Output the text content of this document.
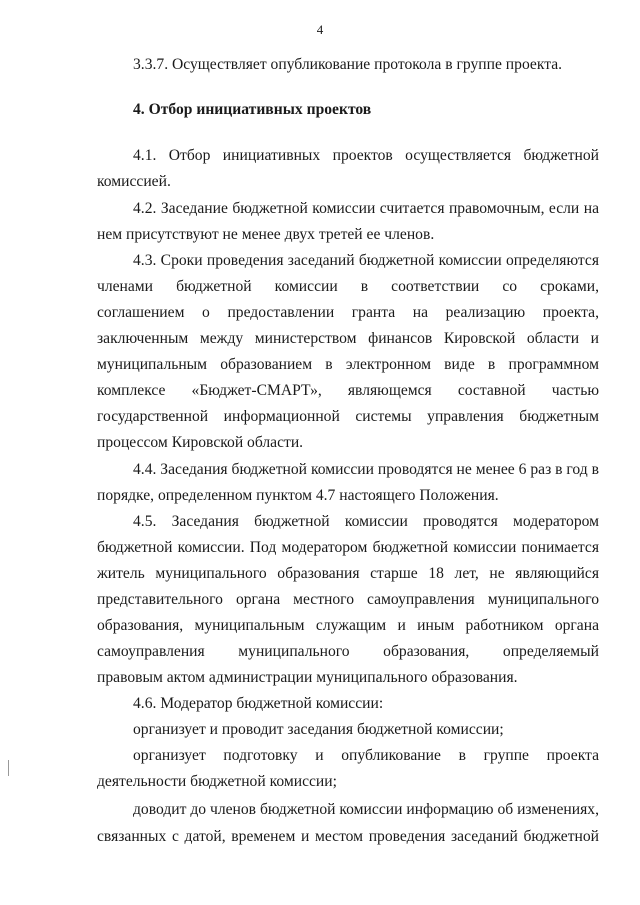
4
3.3.7. Осуществляет опубликование протокола в группе проекта.
4. Отбор инициативных проектов
4.1. Отбор инициативных проектов осуществляется бюджетной
комиссией.
4.2. Заседание бюджетной комиссии считается правомочным, если на
нем присутствуют не менее двух третей ее членов.
4.3. Сроки проведения заседаний бюджетной комиссии определяются
членами бюджетной комиссии в соответствии со сроками,
соглашением о предоставлении гранта на реализацию проекта,
заключенным между министерством финансов Кировской области и
муниципальным образованием в электронном виде в программном
комплексе «Бюджет-СМАРТ», являющемся составной частью
государственной информационной системы управления бюджетным
процессом Кировской области.
4.4. Заседания бюджетной комиссии проводятся не менее 6 раз в год в
порядке, определенном пунктом 4.7 настоящего Положения.
4.5. Заседания бюджетной комиссии проводятся модератором
бюджетной комиссии. Под модератором бюджетной комиссии понимается
житель муниципального образования старше 18 лет, не являющийся
представительного органа местного самоуправления муниципального
образования, муниципальным служащим и иным работником органа
самоуправления муниципального образования, определяемый
правовым актом администрации муниципального образования.
4.6. Модератор бюджетной комиссии:
организует и проводит заседания бюджетной комиссии;
организует подготовку и опубликование в группе проекта
деятельности бюджетной комиссии;
доводит до членов бюджетной комиссии информацию об изменениях,
связанных с датой, временем и местом проведения заседаний бюджетной
